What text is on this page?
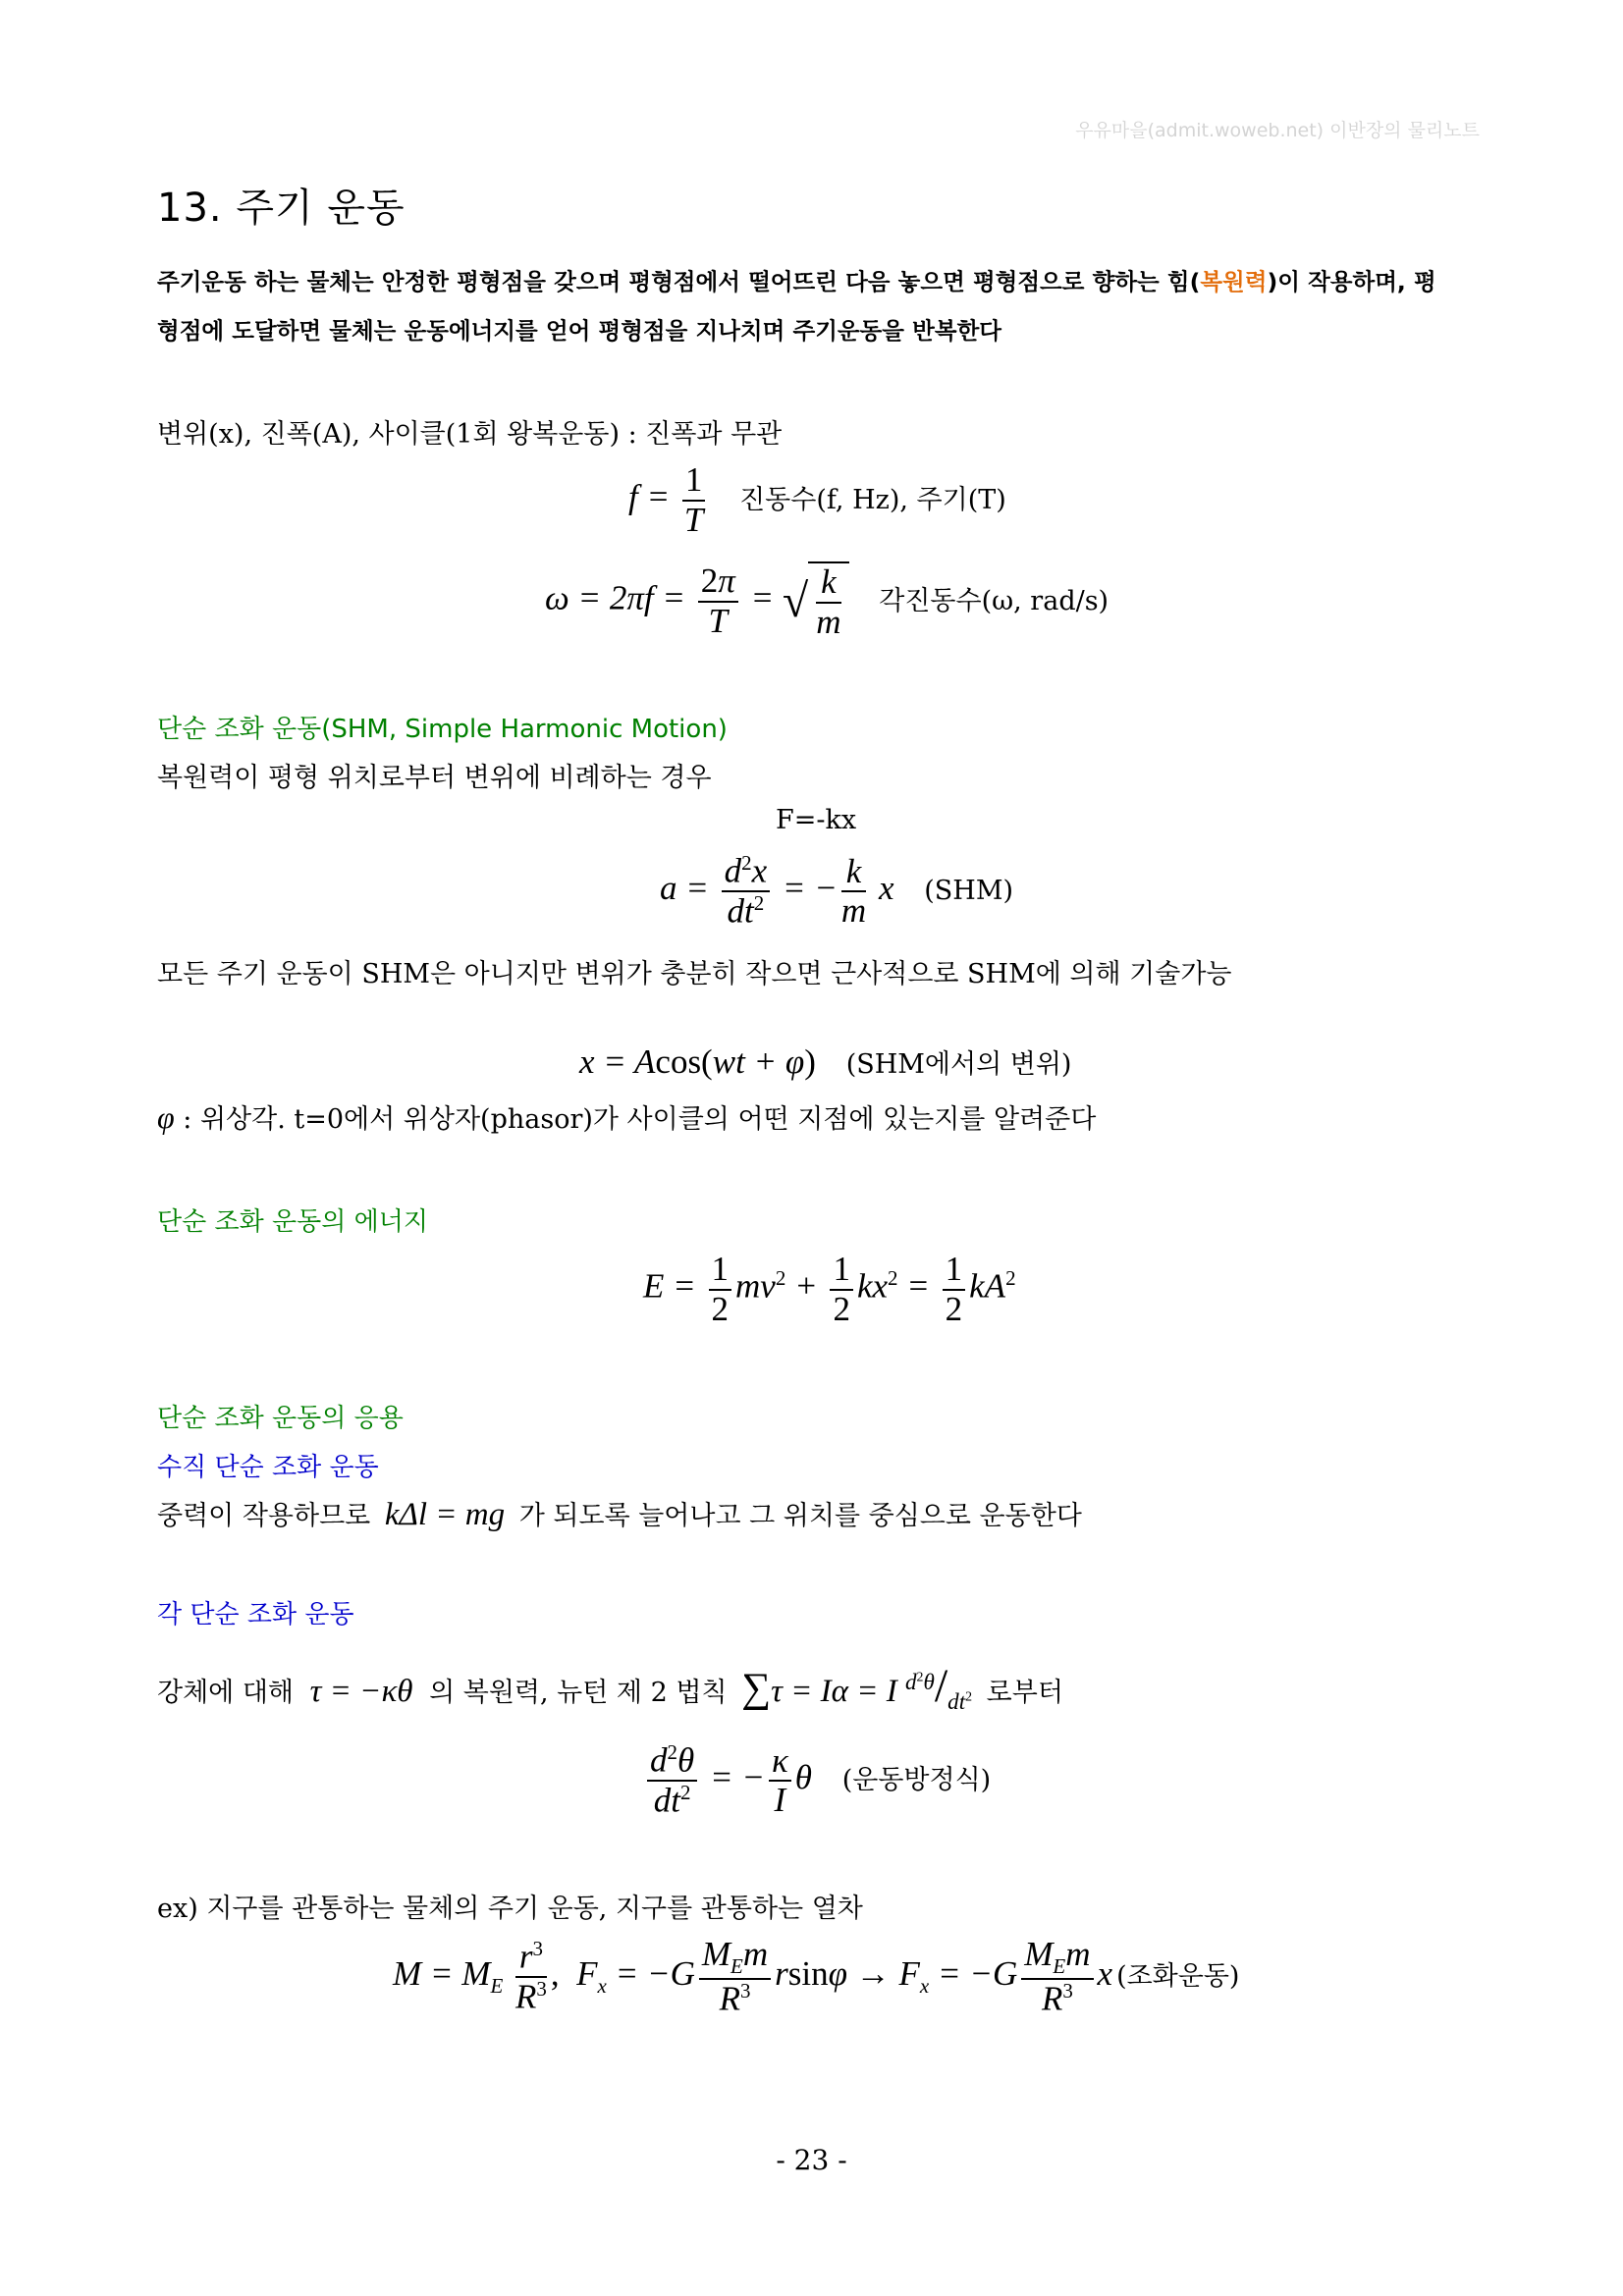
우유마을(admit.woweb.net) 이반장의 물리노트
13. 주기 운동
주기운동 하는 물체는 안정한 평형점을 갖으며 평형점에서 떨어뜨린 다음 놓으면 평형점으로 향하는 힘(복원력)이 작용하며, 평
형점에 도달하면 물체는 운동에너지를 얻어 평형점을 지나치며 주기운동을 반복한다
변위(x), 진폭(A), 사이클(1회 왕복운동) : 진폭과 무관
$f = \frac{1}{T}$ 진동수(f, Hz), 주기(T)
$\omega = 2\pi f = \frac{2\pi}{T}$ = √ $\frac{k}{m}$ 각진동수(ω, rad/s)
단순 조화 운동(SHM, Simple Harmonic Motion)
복원력이 평형 위치로부터 변위에 비례하는 경우
F=-kx
$a = \frac{d^2x}{dt^2}$ = − $\frac{k}{m}$ x (SHM)
모든 주기 운동이 SHM은 아니지만 변위가 충분히 작으면 근사적으로 SHM에 의해 기술가능
x = Acos(wt + φ) (SHM에서의 변위)
φ : 위상각. t=0에서 위상자(phasor)가 사이클의 어떤 지점에 있는지를 알려준다
단순 조화 운동의 에너지
$E = \frac{1}{2} mv^2 + \frac{1}{2} kx^2 = \frac{1}{2} kA^2$
단순 조화 운동의 응용
수직 단순 조화 운동
중력이 작용하므로 kΔl = mg 가 되도록 늘어나고 그 위치를 중심으로 운동한다
각 단순 조화 운동
강체에 대해 τ = −κθ 의 복원력, 뉴턴 제 2 법칙 ∑τ = Iα = I $^{d^2\theta}/_{dt^2}$ 로부터
$\frac{d^2\theta}{dt^2}$ = − $\frac{\kappa}{I}$ θ (운동방정식)
ex) 지구를 관통하는 물체의 주기 운동, 지구를 관통하는 열차
$M = M_E \frac{r^3}{R^3}$ ,  $F_x = -G \frac{M_Em}{R^3}$ $rsin\varphi \to F_x = -G \frac{M_Em}{R^3}$ x (조화운동)
- 23 -
